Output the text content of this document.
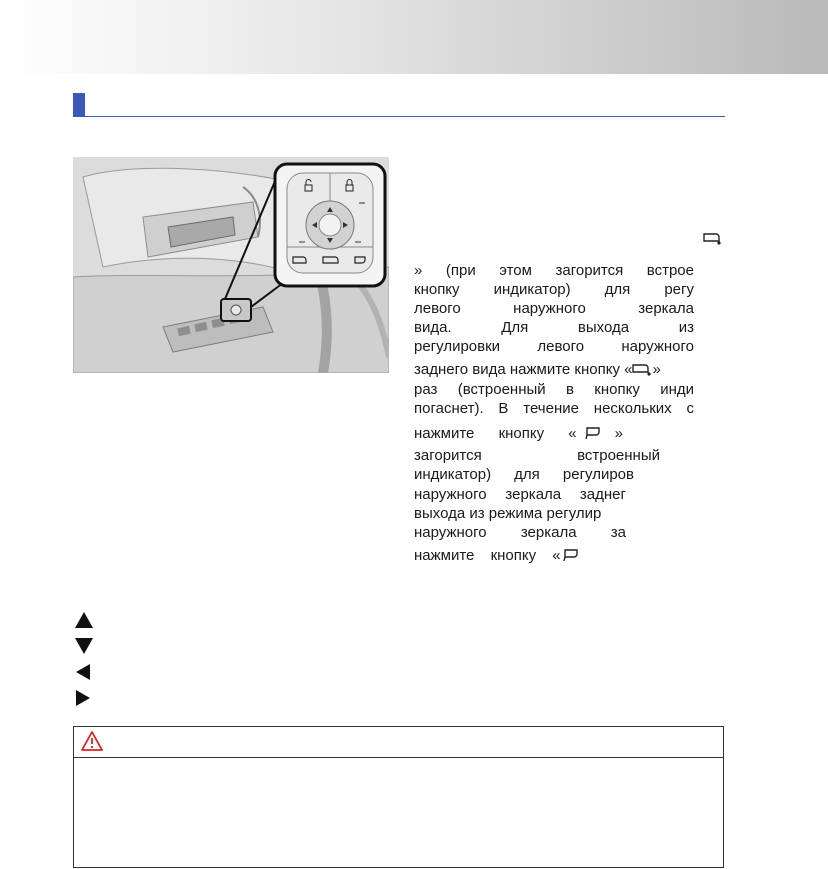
» (при этом загорится встрое
кнопку индикатор) для регу
левого наружного зеркала
вида. Для выхода из
регулировки левого наружного
заднего вида нажмите кнопку « »
раз (встроенный в кнопку инди
погаснет). В течение нескольких с
нажмите кнопку «	»
загорится встроенный
индикатор) для регулиров
наружного зеркала заднег
выхода из режима регулир
наружного зеркала за
нажмите кнопку «
